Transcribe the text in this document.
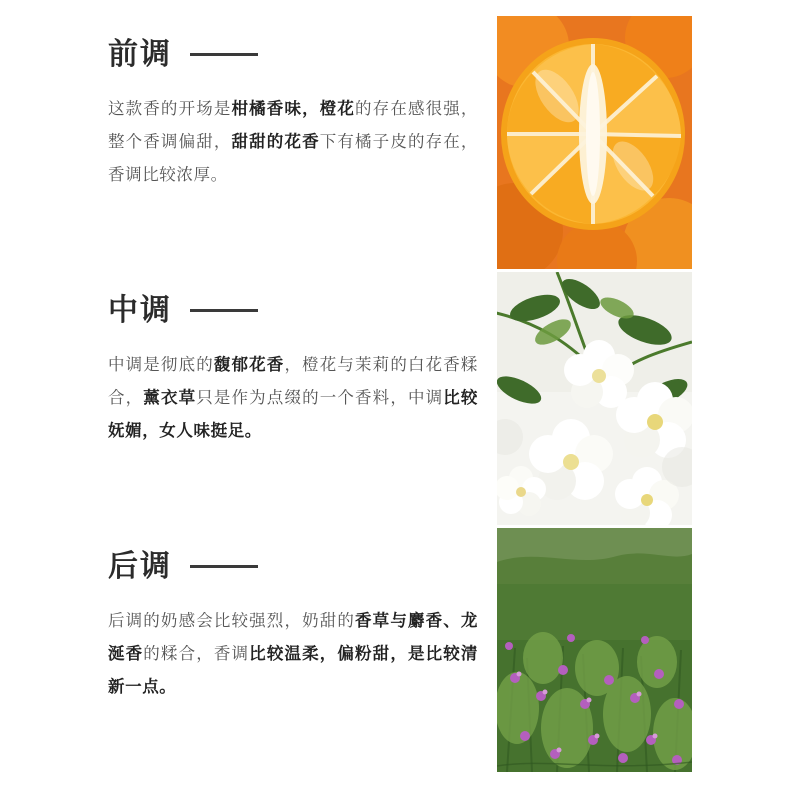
前调
这款香的开场是柑橘香味，橙花的存在感很强，整个香调偏甜，甜甜的花香下有橘子皮的存在，香调比较浓厚。
中调
中调是彻底的馥郁花香，橙花与茉莉的白花香糅合，薰衣草只是作为点缀的一个香料，中调比较妩媚，女人味挺足。
后调
后调的奶感会比较强烈，奶甜的香草与麝香、龙涎香的糅合，香调比较温柔，偏粉甜，是比较清新一点。
